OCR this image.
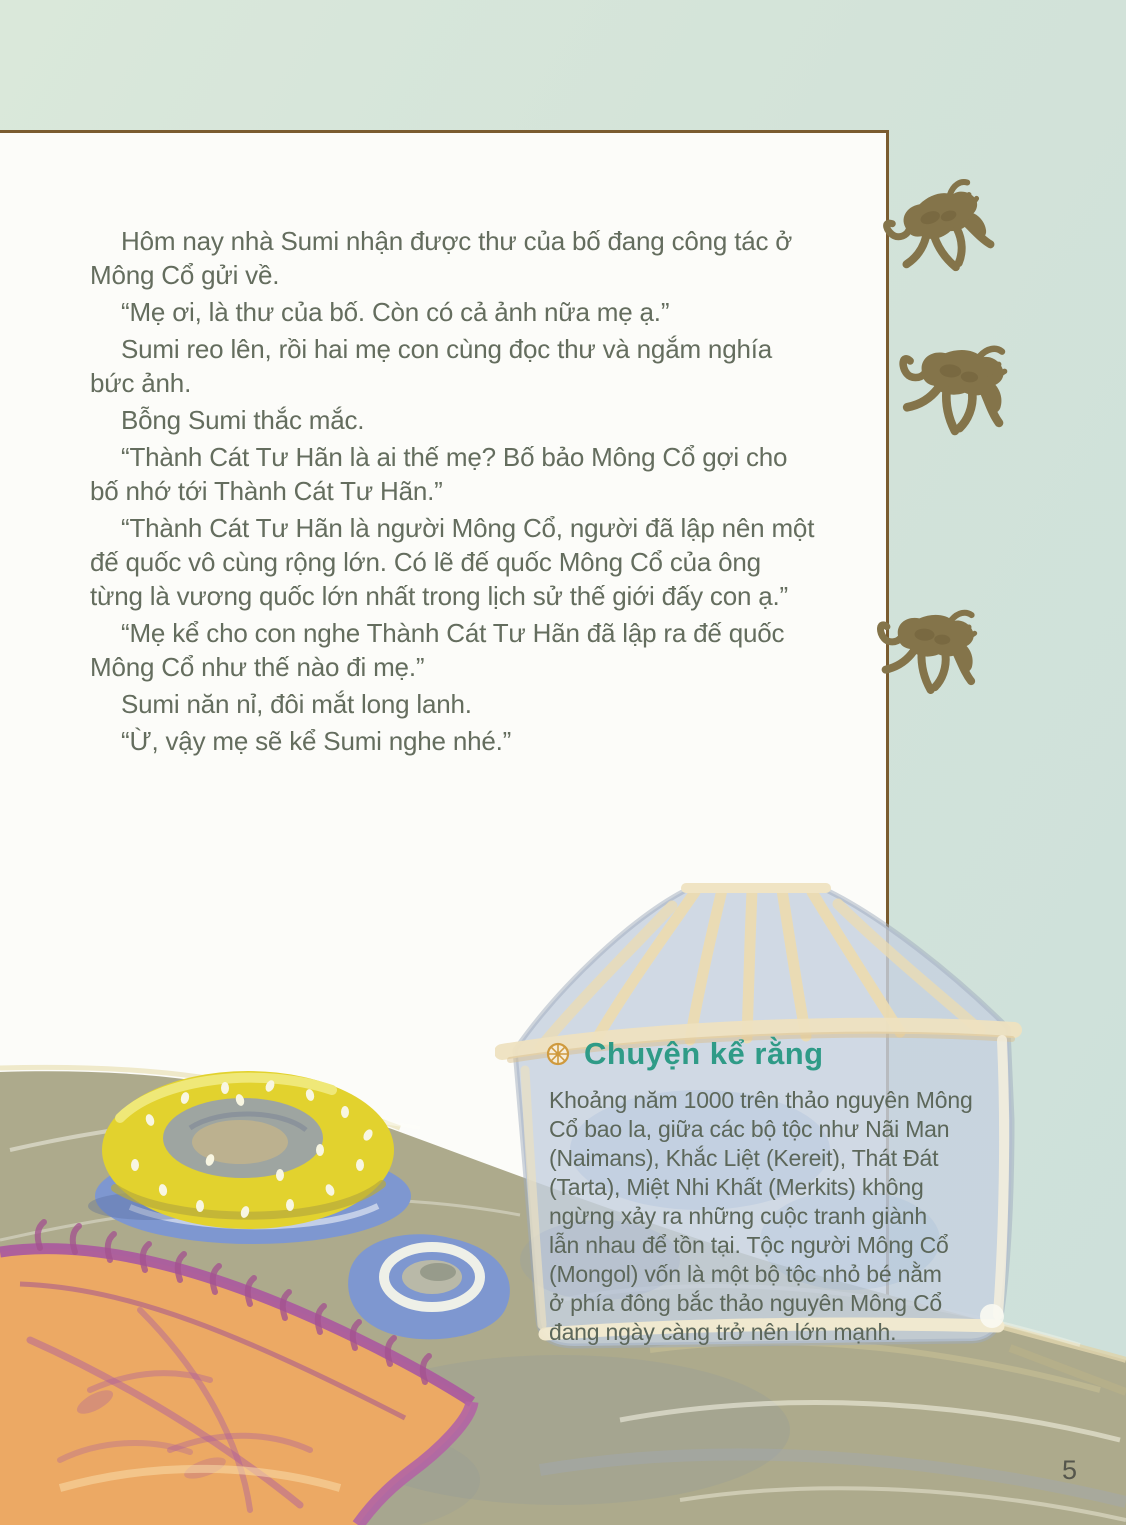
Hôm nay nhà Sumi nhận được thư của bố đang công tác ở
Mông Cổ gửi về.

“Mẹ ơi, là thư của bố. Còn có cả ảnh nữa mẹ ạ.”

Sumi reo lên, rồi hai mẹ con cùng đọc thư và ngắm nghía
bức ảnh.

Bỗng Sumi thắc mắc.

“Thành Cát Tư Hãn là ai thế mẹ? Bố bảo Mông Cổ gợi cho
bố nhớ tới Thành Cát Tư Hãn.”

“Thành Cát Tư Hãn là người Mông Cổ, người đã lập nên một
đế quốc vô cùng rộng lớn. Có lẽ đế quốc Mông Cổ của ông
từng là vương quốc lớn nhất trong lịch sử thế giới đấy con ạ.”

“Mẹ kể cho con nghe Thành Cát Tư Hãn đã lập ra đế quốc
Mông Cổ như thế nào đi mẹ.”

Sumi năn nỉ, đôi mắt long lanh.

“Ừ, vậy mẹ sẽ kể Sumi nghe nhé.”

Chuyện kể rằng
Khoảng năm 1000 trên thảo nguyên Mông
Cổ bao la, giữa các bộ tộc như Nãi Man
(Naimans), Khắc Liệt (Kereit), Thát Đát
(Tarta), Miệt Nhi Khất (Merkits) không
ngừng xảy ra những cuộc tranh giành
lẫn nhau để tồn tại. Tộc người Mông Cổ
(Mongol) vốn là một bộ tộc nhỏ bé nằm
ở phía đông bắc thảo nguyên Mông Cổ
đang ngày càng trở nên lớn mạnh.
5
